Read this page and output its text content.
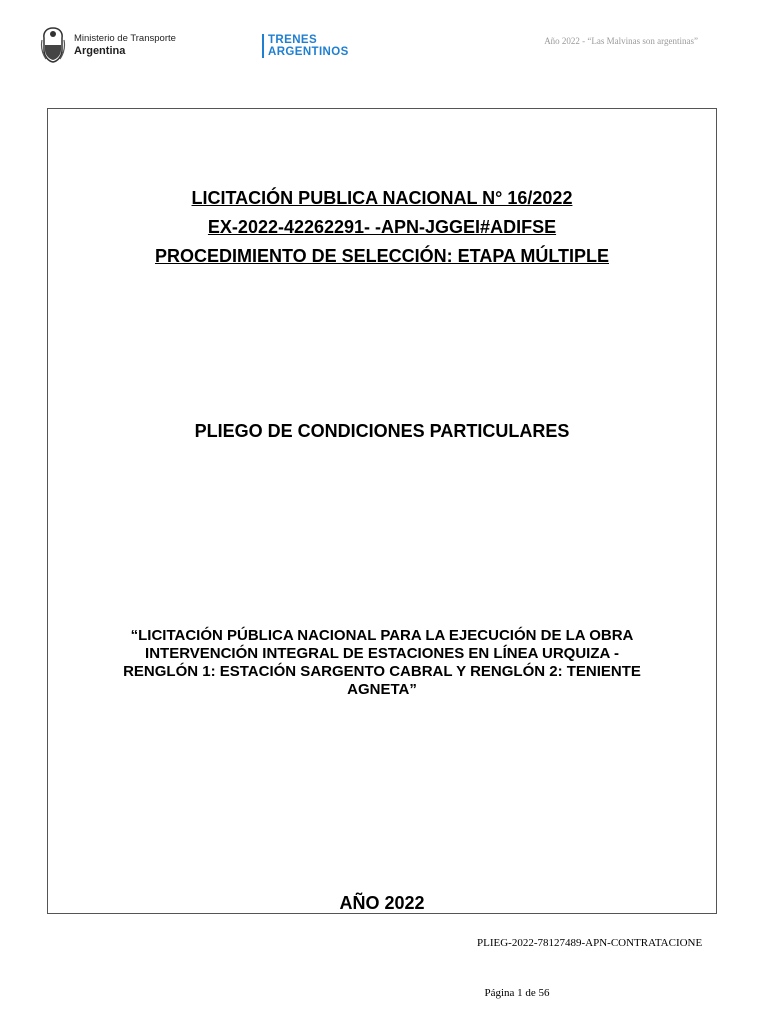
Ministerio de Transporte
Argentina
TRENES
ARGENTINOS
Año 2022 - “Las Malvinas son argentinas”
LICITACIÓN PUBLICA NACIONAL N° 16/2022
EX-2022-42262291- -APN-JGGEI#ADIFSE
PROCEDIMIENTO DE SELECCIÓN: ETAPA MÚLTIPLE
PLIEGO DE CONDICIONES PARTICULARES
“LICITACIÓN PÚBLICA NACIONAL PARA LA EJECUCIÓN DE LA OBRA
INTERVENCIÓN INTEGRAL DE ESTACIONES EN LÍNEA URQUIZA -
RENGLÓN 1: ESTACIÓN SARGENTO CABRAL Y RENGLÓN 2: TENIENTE
AGNETA”
AÑO 2022
PLIEG-2022-78127489-APN-CONTRATACIONE
Página 1 de 56
